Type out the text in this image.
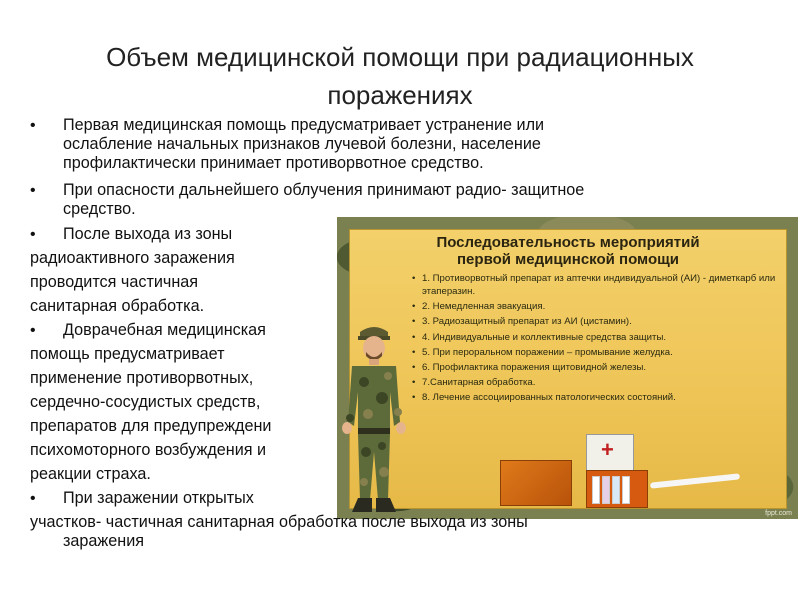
Объем медицинской помощи при радиационных
поражениях
Последовательность мероприятий
первой медицинской помощи
• 1. Противорвотный препарат из аптечки индивидуальной (АИ) - диметкарб или этаперазин.
• 2. Немедленная эвакуация.
• 3. Радиозащитный препарат из АИ (цистамин).
• 4. Индивидуальные и коллективные средства защиты.
• 5. При пероральном поражении – промывание желудка.
• 6. Профилактика поражения щитовидной железы.
• 7.Санитарная обработка.
• 8. Лечение ассоциированных патологических состояний.
+
fppt.com
• Первая медицинская помощь предусматривает устранение или
ослабление начальных признаков лучевой болезни, население
профилактически принимает противорвотное средство.
• При опасности дальнейшего облучения принимают радио- защитное
средство.
• После выхода из зоны
радиоактивного заражения
проводится частичная
санитарная обработка.
• Доврачебная медицинская
помощь предусматривает
применение противорвотных,
сердечно-сосудистых средств,
препаратов для предупреждени
психомоторного возбуждения и
реакции страха.
• При заражении открытых
участков- частичная санитарная обработка после выхода из зоны
заражения
